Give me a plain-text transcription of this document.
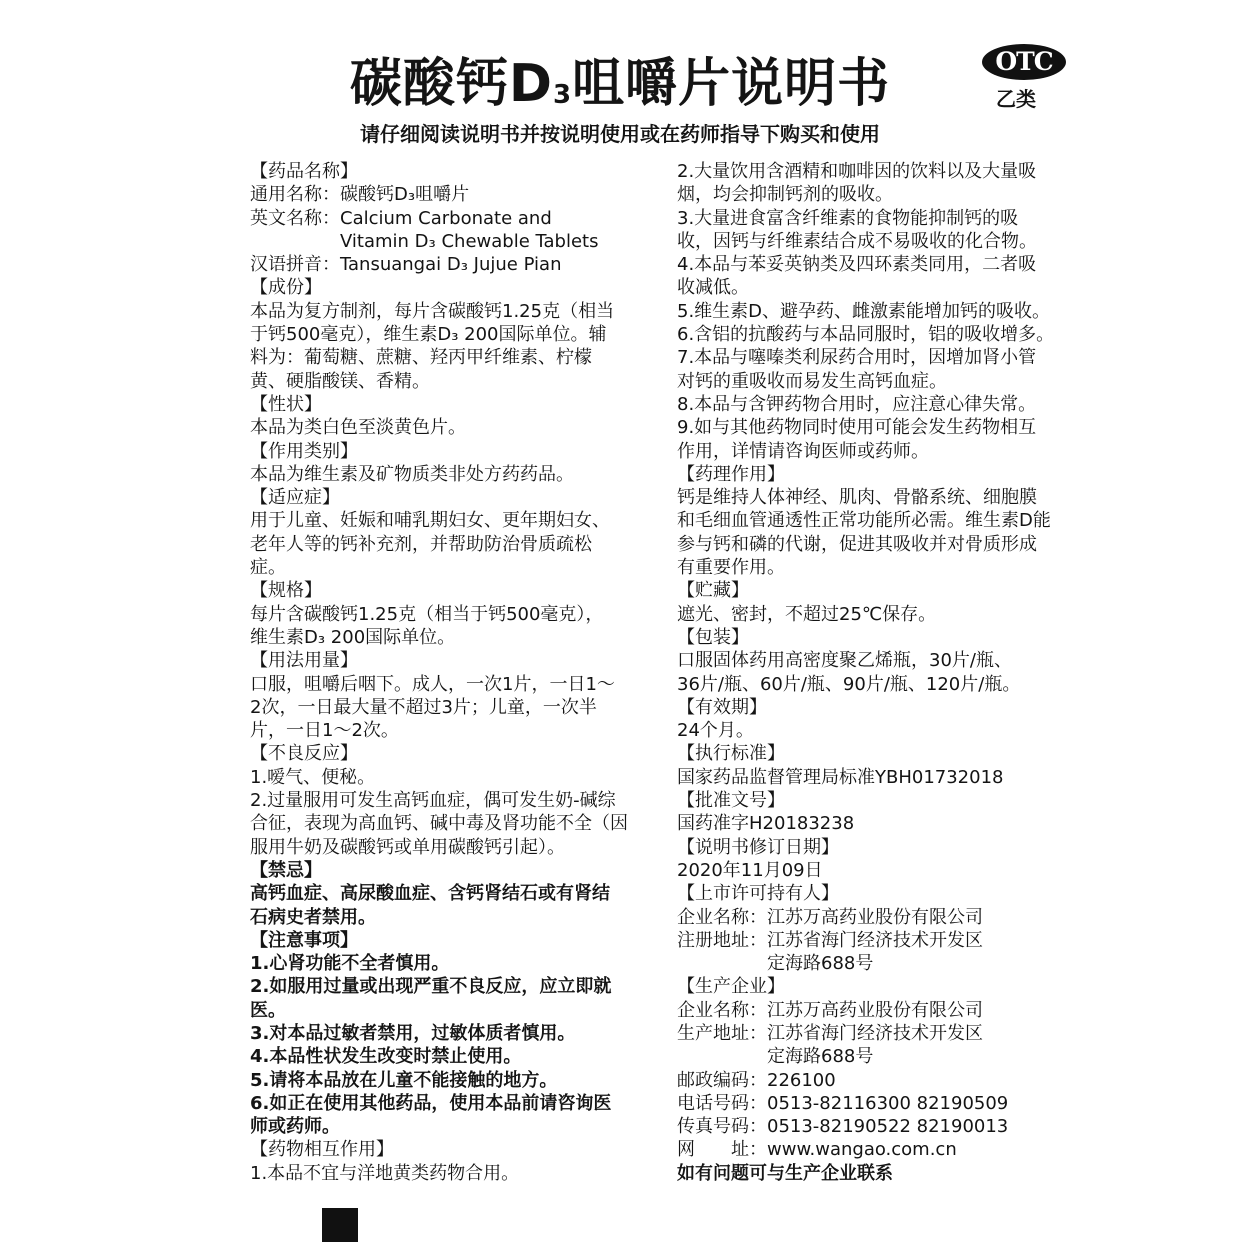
碳酸钙$D_3$咀嚼片说明书	OTC
乙类
请仔细阅读说明书并按说明使用或在药师指导下购买和使用
【药品名称】
通用名称：碳酸钙D₃咀嚼片
英文名称：Calcium Carbonate and
　　　　　Vitamin D₃ Chewable Tablets
汉语拼音：Tansuangai D₃ Jujue Pian
【成份】
本品为复方制剂，每片含碳酸钙1.25克（相当
于钙500毫克），维生素D₃ 200国际单位。辅
料为：葡萄糖、蔗糖、羟丙甲纤维素、柠檬
黄、硬脂酸镁、香精。
【性状】
本品为类白色至淡黄色片。
【作用类别】
本品为维生素及矿物质类非处方药药品。
【适应症】
用于儿童、妊娠和哺乳期妇女、更年期妇女、
老年人等的钙补充剂，并帮助防治骨质疏松
症。
【规格】
每片含碳酸钙1.25克（相当于钙500毫克），
维生素D₃ 200国际单位。
【用法用量】
口服，咀嚼后咽下。成人，一次1片，一日1～
2次，一日最大量不超过3片；儿童，一次半
片，一日1～2次。
【不良反应】
1.嗳气、便秘。
2.过量服用可发生高钙血症，偶可发生奶-碱综
合征，表现为高血钙、碱中毒及肾功能不全（因
服用牛奶及碳酸钙或单用碳酸钙引起）。
【禁忌】
高钙血症、高尿酸血症、含钙肾结石或有肾结
石病史者禁用。
【注意事项】
1.心肾功能不全者慎用。
2.如服用过量或出现严重不良反应，应立即就
医。
3.对本品过敏者禁用，过敏体质者慎用。
4.本品性状发生改变时禁止使用。
5.请将本品放在儿童不能接触的地方。
6.如正在使用其他药品，使用本品前请咨询医
师或药师。
【药物相互作用】
1.本品不宜与洋地黄类药物合用。
2.大量饮用含酒精和咖啡因的饮料以及大量吸
烟，均会抑制钙剂的吸收。
3.大量进食富含纤维素的食物能抑制钙的吸
收，因钙与纤维素结合成不易吸收的化合物。
4.本品与苯妥英钠类及四环素类同用，二者吸
收减低。
5.维生素D、避孕药、雌激素能增加钙的吸收。
6.含铝的抗酸药与本品同服时，铝的吸收增多。
7.本品与噻嗪类利尿药合用时，因增加肾小管
对钙的重吸收而易发生高钙血症。
8.本品与含钾药物合用时，应注意心律失常。
9.如与其他药物同时使用可能会发生药物相互
作用，详情请咨询医师或药师。
【药理作用】
钙是维持人体神经、肌肉、骨骼系统、细胞膜
和毛细血管通透性正常功能所必需。维生素D能
参与钙和磷的代谢，促进其吸收并对骨质形成
有重要作用。
【贮藏】
遮光、密封，不超过25℃保存。
【包装】
口服固体药用高密度聚乙烯瓶，30片/瓶、
36片/瓶、60片/瓶、90片/瓶、120片/瓶。
【有效期】
24个月。
【执行标准】
国家药品监督管理局标准YBH01732018
【批准文号】
国药准字H20183238
【说明书修订日期】
2020年11月09日
【上市许可持有人】
企业名称：江苏万高药业股份有限公司
注册地址：江苏省海门经济技术开发区
　　　　　定海路688号
【生产企业】
企业名称：江苏万高药业股份有限公司
生产地址：江苏省海门经济技术开发区
　　　　　定海路688号
邮政编码：226100
电话号码：0513-82116300 82190509
传真号码：0513-82190522 82190013
网　　址：www.wangao.com.cn
如有问题可与生产企业联系
